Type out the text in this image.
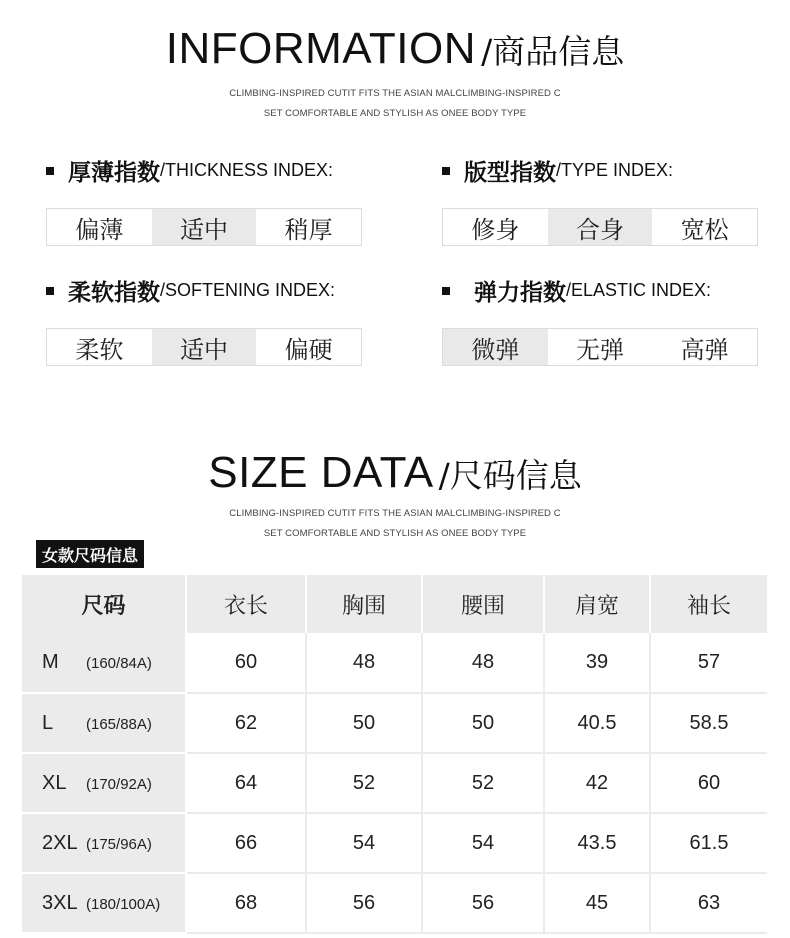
INFORMATION /商品信息
CLIMBING-INSPIRED CUTIT FITS THE ASIAN MALCLIMBING-INSPIRED C
SET COMFORTABLE AND STYLISH AS ONEE BODY TYPE
厚薄指数 /THICKNESS INDEX:
偏薄	适中	稍厚
版型指数 /TYPE INDEX:
修身	合身	宽松
柔软指数 /SOFTENING INDEX:
柔软	适中	偏硬
弹力指数 /ELASTIC INDEX:
微弹	无弹	高弹
SIZE DATA /尺码信息
CLIMBING-INSPIRED CUTIT FITS THE ASIAN MALCLIMBING-INSPIRED C
SET COMFORTABLE AND STYLISH AS ONEE BODY TYPE
女款尺码信息
尺码	衣长	胸围	腰围	肩宽	袖长
M (160/84A)	60	48	48	39	57
L (165/88A)	62	50	50	40.5	58.5
XL (170/92A)	64	52	52	42	60
2XL (175/96A)	66	54	54	43.5	61.5
3XL (180/100A)	68	56	56	45	63
